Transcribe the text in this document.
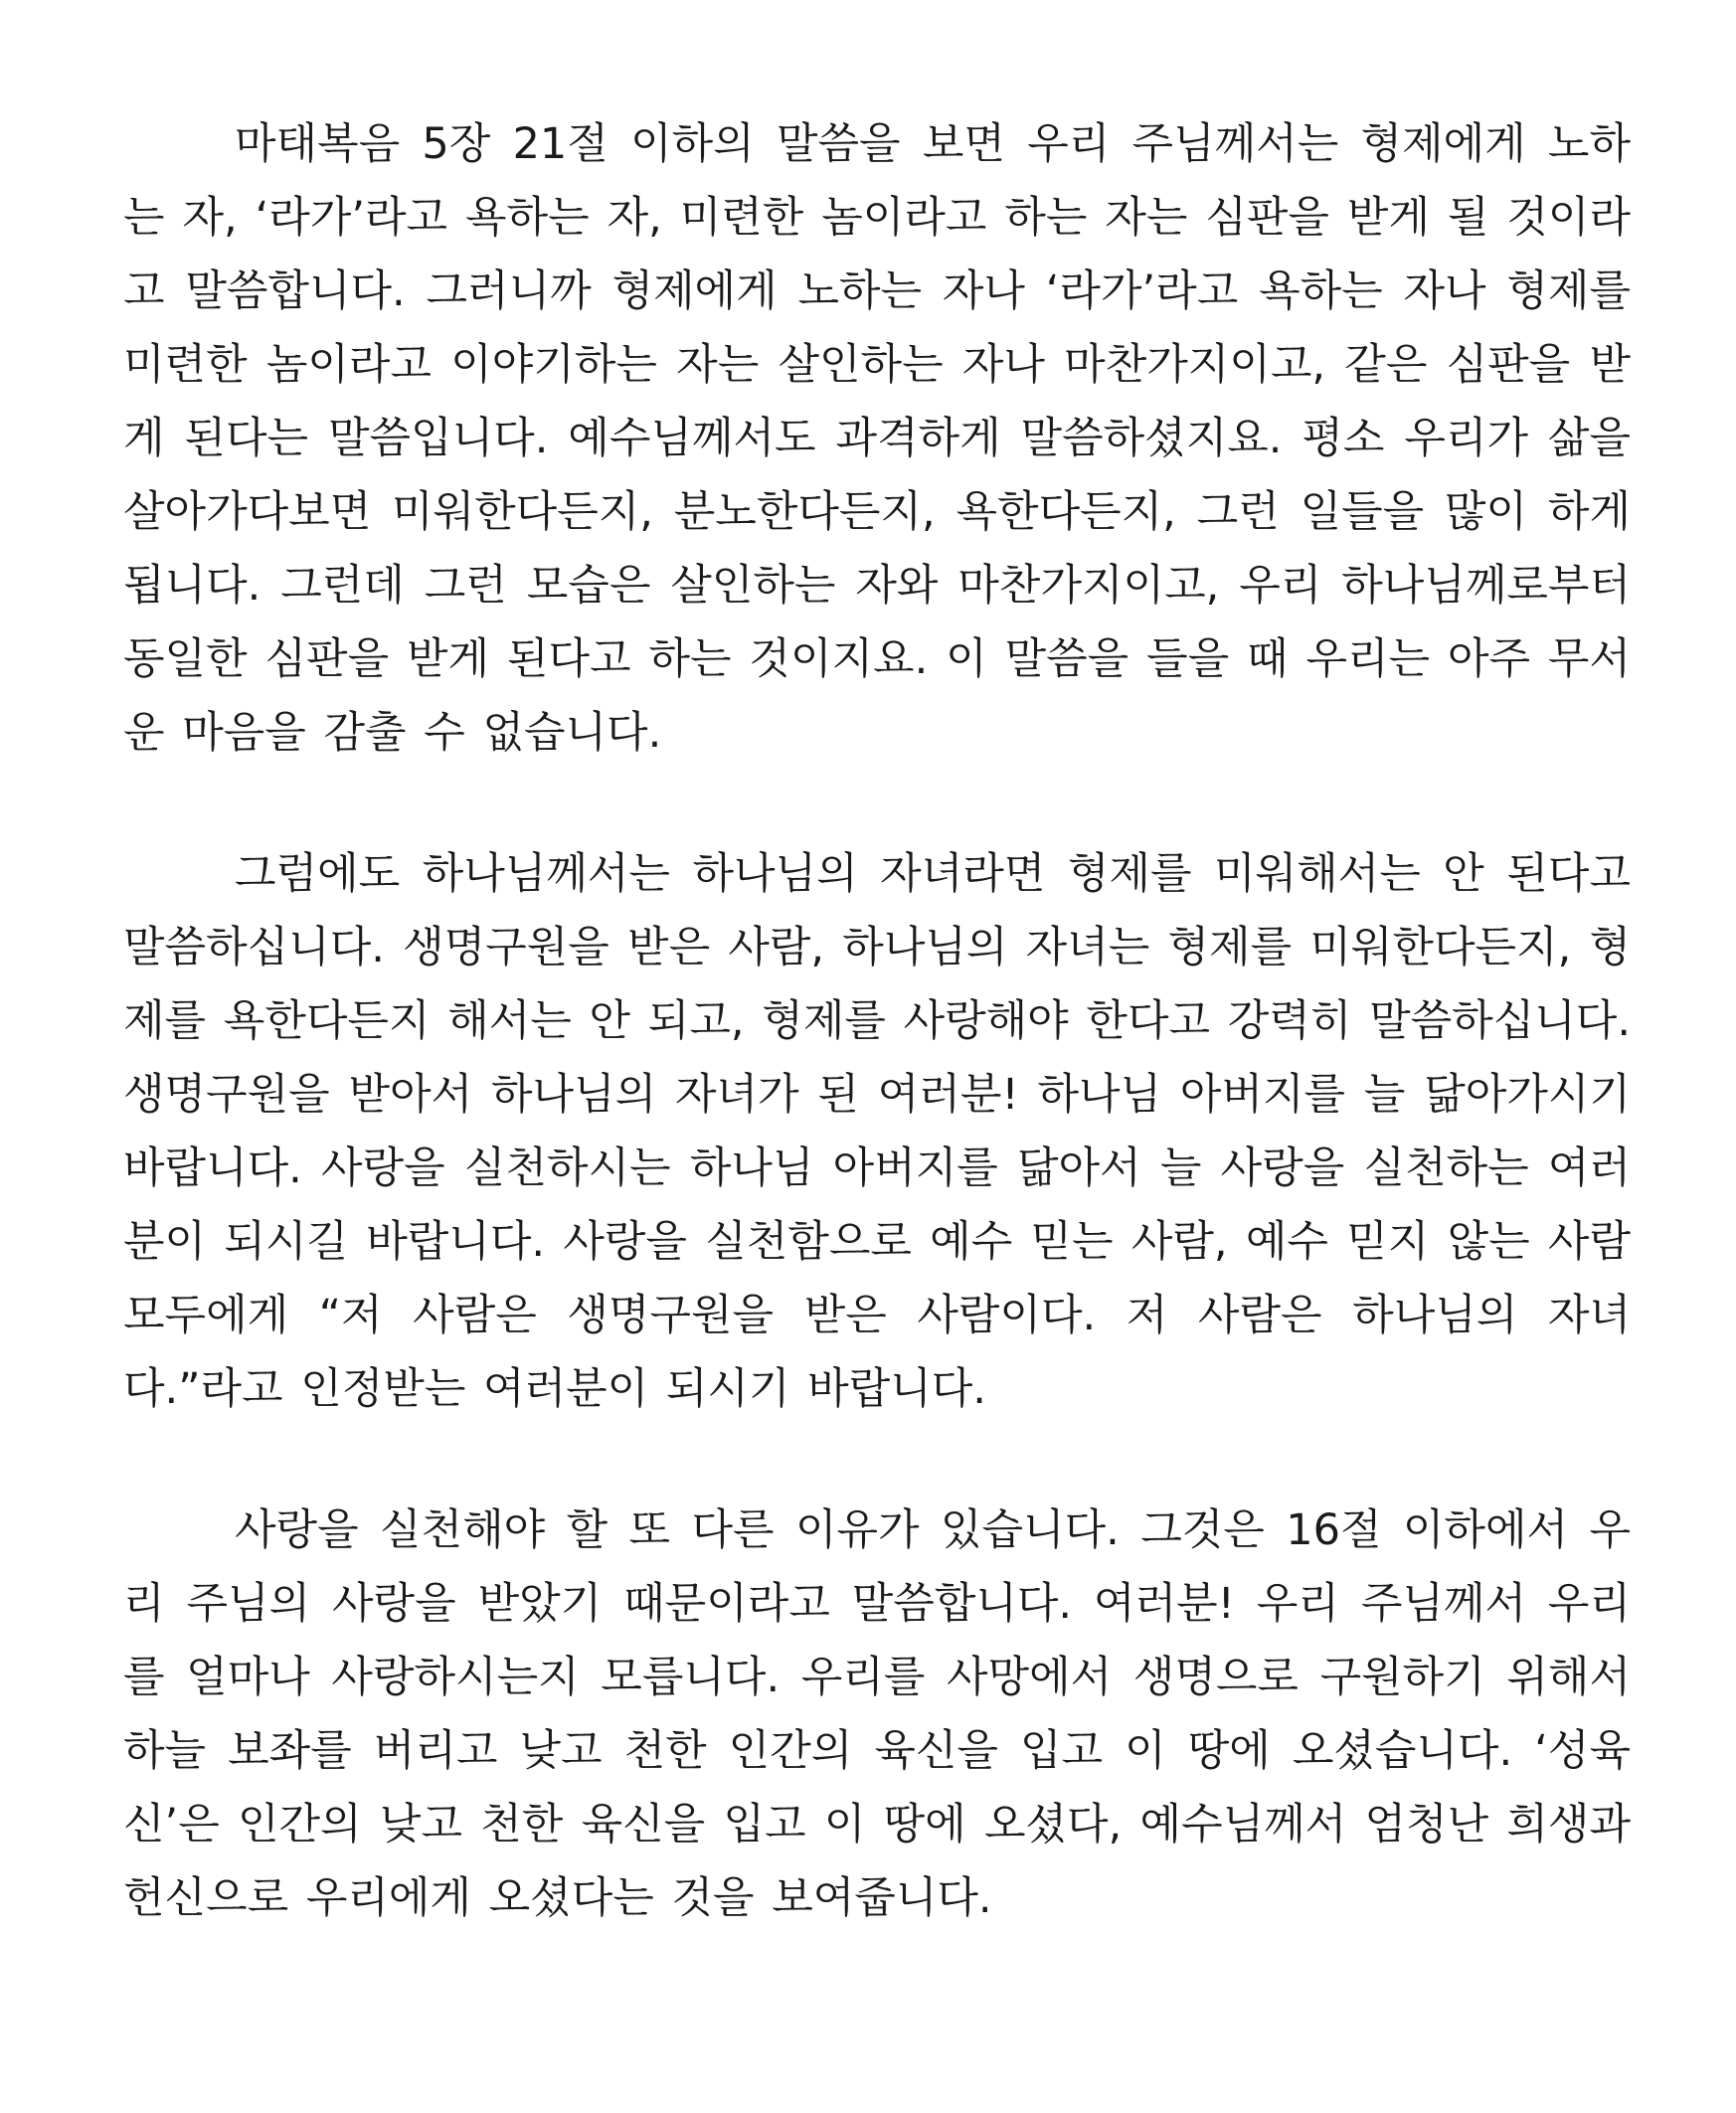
마태복음 5장 21절 이하의 말씀을 보면 우리 주님께서는 형제에게 노하는 자, ‘라가’라고 욕하는 자, 미련한 놈이라고 하는 자는 심판을 받게 될 것이라고 말씀합니다. 그러니까 형제에게 노하는 자나 ‘라가’라고 욕하는 자나 형제를 미련한 놈이라고 이야기하는 자는 살인하는 자나 마찬가지이고, 같은 심판을 받게 된다는 말씀입니다. 예수님께서도 과격하게 말씀하셨지요. 평소 우리가 삶을 살아가다보면 미워한다든지, 분노한다든지, 욕한다든지, 그런 일들을 많이 하게 됩니다. 그런데 그런 모습은 살인하는 자와 마찬가지이고, 우리 하나님께로부터 동일한 심판을 받게 된다고 하는 것이지요. 이 말씀을 들을 때 우리는 아주 무서운 마음을 감출 수 없습니다.

그럼에도 하나님께서는 하나님의 자녀라면 형제를 미워해서는 안 된다고 말씀하십니다. 생명구원을 받은 사람, 하나님의 자녀는 형제를 미워한다든지, 형제를 욕한다든지 해서는 안 되고, 형제를 사랑해야 한다고 강력히 말씀하십니다. 생명구원을 받아서 하나님의 자녀가 된 여러분! 하나님 아버지를 늘 닮아가시기 바랍니다. 사랑을 실천하시는 하나님 아버지를 닮아서 늘 사랑을 실천하는 여러분이 되시길 바랍니다. 사랑을 실천함으로 예수 믿는 사람, 예수 믿지 않는 사람 모두에게 “저 사람은 생명구원을 받은 사람이다. 저 사람은 하나님의 자녀다.”라고 인정받는 여러분이 되시기 바랍니다.

사랑을 실천해야 할 또 다른 이유가 있습니다. 그것은 16절 이하에서 우리 주님의 사랑을 받았기 때문이라고 말씀합니다. 여러분! 우리 주님께서 우리를 얼마나 사랑하시는지 모릅니다. 우리를 사망에서 생명으로 구원하기 위해서 하늘 보좌를 버리고 낮고 천한 인간의 육신을 입고 이 땅에 오셨습니다. ‘성육신’은 인간의 낮고 천한 육신을 입고 이 땅에 오셨다, 예수님께서 엄청난 희생과 헌신으로 우리에게 오셨다는 것을 보여줍니다.
